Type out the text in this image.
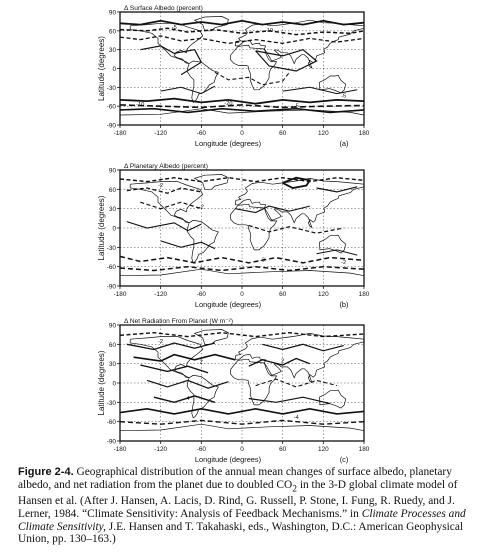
Δ Surface Albedo (percent)
Latitude (degrees)
90
60
30
0
-30
-60
-90
-180	-120	-60	0	60	120	180
Longitude (degrees)	(a)
-5
-10
-20	-5
-10
-5
Δ Planetary Albedo (percent)
Latitude (degrees)
90
60
30
0
-30
-60
-90
-180	-120	-60	0	60	120	180
Longitude (degrees)	(b)
-2
-2
-3	-2
Δ Net Radiation From Planet (W m⁻²)
Latitude (degrees)
90
60
30
0
-30
-60
-90
-180	-120	-60	0	60	120	180
Longitude (degrees)	(c)
-2
2	2
4
-4
Figure 2-4. Geographical distribution of the annual mean changes of surface albedo, planetary albedo, and net radiation from the planet due to doubled $CO_2$ in the 3-D global climate model of Hansen et al. (After J. Hansen, A. Lacis, D. Rind, G. Russell, P. Stone, I. Fung, R. Ruedy, and J. Lerner, 1984. “Climate Sensitivity: Analysis of Feedback Mechanisms.” in Climate Processes and Climate Sensitivity, J.E. Hansen and T. Takahaski, eds., Washington, D.C.: American Geophysical Union, pp. 130–163.)
